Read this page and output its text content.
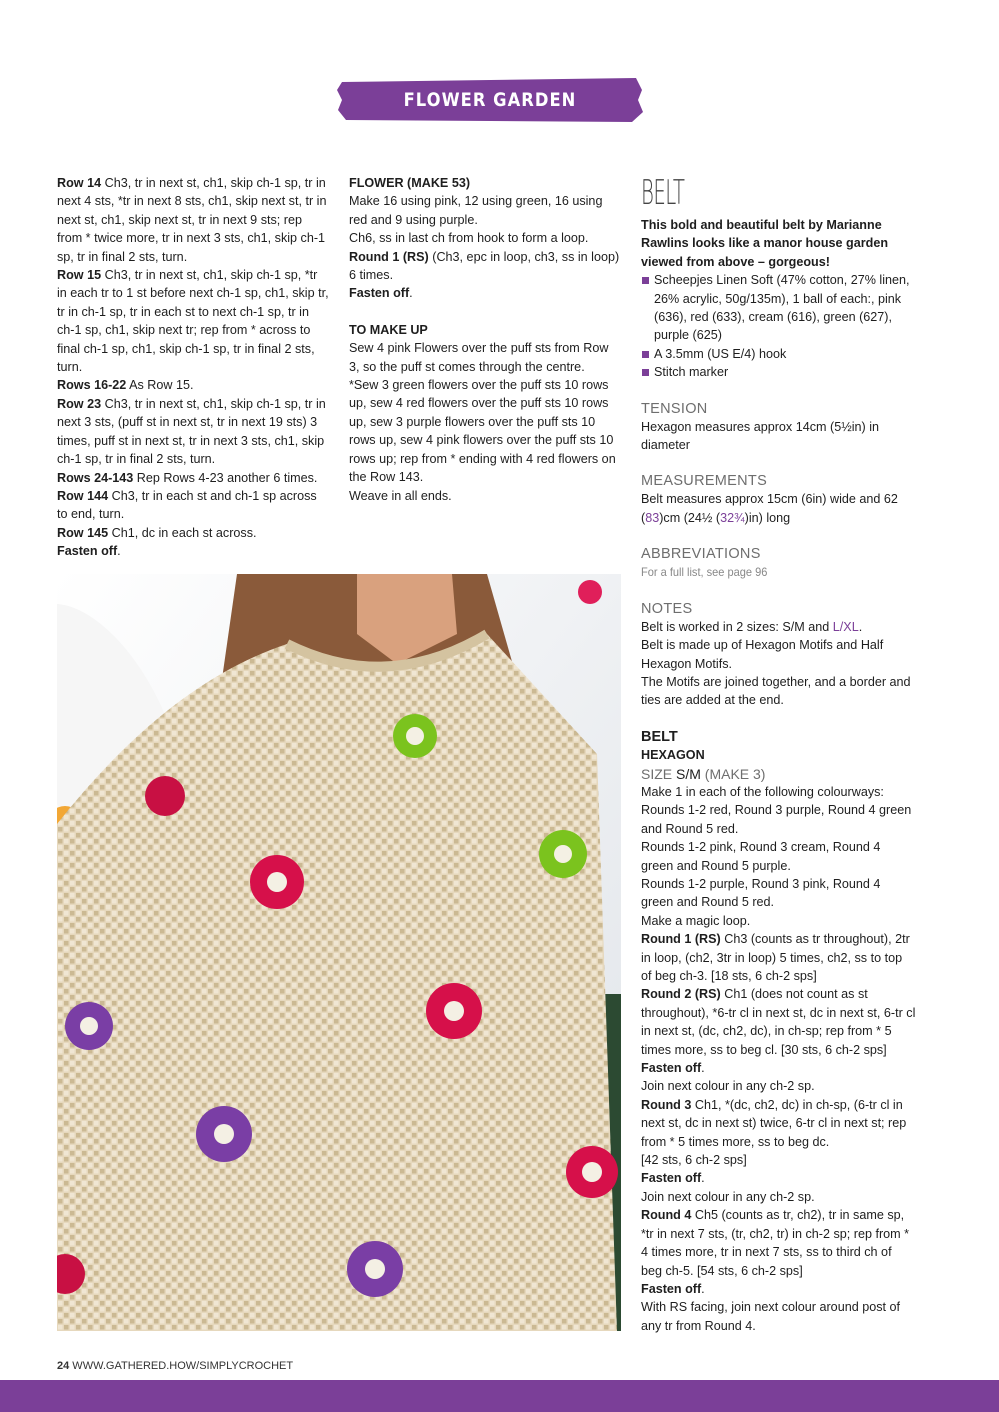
FLOWER GARDEN COLLECTION

Row 14 Ch3, tr in next st, ch1, skip ch-1 sp, tr in next 4 sts, *tr in next 8 sts, ch1, skip next st, tr in next st, ch1, skip next st, tr in next 9 sts; rep from * twice more, tr in next 3 sts, ch1, skip ch-1 sp, tr in final 2 sts, turn.

Row 15 Ch3, tr in next st, ch1, skip ch-1 sp, *tr in each tr to 1 st before next ch-1 sp, ch1, skip tr, tr in ch-1 sp, tr in each st to next ch-1 sp, tr in ch-1 sp, ch1, skip next tr; rep from * across to final ch-1 sp, ch1, skip ch-1 sp, tr in final 2 sts, turn.

Rows 16-22 As Row 15.

Row 23 Ch3, tr in next st, ch1, skip ch-1 sp, tr in next 3 sts, (puff st in next st, tr in next 19 sts) 3 times, puff st in next st, tr in next 3 sts, ch1, skip ch-1 sp, tr in final 2 sts, turn.

Rows 24-143 Rep Rows 4-23 another 6 times.

Row 144 Ch3, tr in each st and ch-1 sp across to end, turn.

Row 145 Ch1, dc in each st across.

Fasten off.

FLOWER (MAKE 53)

Make 16 using pink, 12 using green, 16 using red and 9 using purple.

Ch6, ss in last ch from hook to form a loop.

Round 1 (RS) (Ch3, epc in loop, ch3, ss in loop) 6 times.

Fasten off.

TO MAKE UP

Sew 4 pink Flowers over the puff sts from Row 3, so the puff st comes through the centre.

*Sew 3 green flowers over the puff sts 10 rows up, sew 4 red flowers over the puff sts 10 rows up, sew 3 purple flowers over the puff sts 10 rows up, sew 4 pink flowers over the puff sts 10 rows up; rep from * ending with 4 red flowers on the Row 143.

Weave in all ends.

BELT

This bold and beautiful belt by Marianne Rawlins looks like a manor house garden viewed from above – gorgeous!

Scheepjes Linen Soft (47% cotton, 27% linen, 26% acrylic, 50g/135m), 1 ball of each:, pink (636), red (633), cream (616), green (627), purple (625)

A 3.5mm (US E/4) hook

Stitch marker

TENSION

Hexagon measures approx 14cm (5½in) in diameter

MEASUREMENTS

Belt measures approx 15cm (6in) wide and 62 (83)cm (24½ (32¾)in) long

ABBREVIATIONS

For a full list, see page 96

NOTES

Belt is worked in 2 sizes: S/M and L/XL.

Belt is made up of Hexagon Motifs and Half Hexagon Motifs.

The Motifs are joined together, and a border and ties are added at the end.

BELT

HEXAGON

SIZE S/M (MAKE 3)

Make 1 in each of the following colourways:

Rounds 1-2 red, Round 3 purple, Round 4 green and Round 5 red.

Rounds 1-2 pink, Round 3 cream, Round 4 green and Round 5 purple.

Rounds 1-2 purple, Round 3 pink, Round 4 green and Round 5 red.

Make a magic loop.

Round 1 (RS) Ch3 (counts as tr throughout), 2tr in loop, (ch2, 3tr in loop) 5 times, ch2, ss to top of beg ch-3. [18 sts, 6 ch-2 sps]

Round 2 (RS) Ch1 (does not count as st throughout), *6-tr cl in next st, dc in next st, 6-tr cl in next st, (dc, ch2, dc), in ch-sp; rep from * 5 times more, ss to beg cl. [30 sts, 6 ch-2 sps]

Fasten off.

Join next colour in any ch-2 sp.

Round 3 Ch1, *(dc, ch2, dc) in ch-sp, (6-tr cl in next st, dc in next st) twice, 6-tr cl in next st; rep from * 5 times more, ss to beg dc.

[42 sts, 6 ch-2 sps]

Fasten off.

Join next colour in any ch-2 sp.

Round 4 Ch5 (counts as tr, ch2), tr in same sp, *tr in next 7 sts, (tr, ch2, tr) in ch-2 sp; rep from * 4 times more, tr in next 7 sts, ss to third ch of beg ch-5. [54 sts, 6 ch-2 sps]

Fasten off.

With RS facing, join next colour around post of any tr from Round 4.

24 WWW.GATHERED.HOW/SIMPLYCROCHET
